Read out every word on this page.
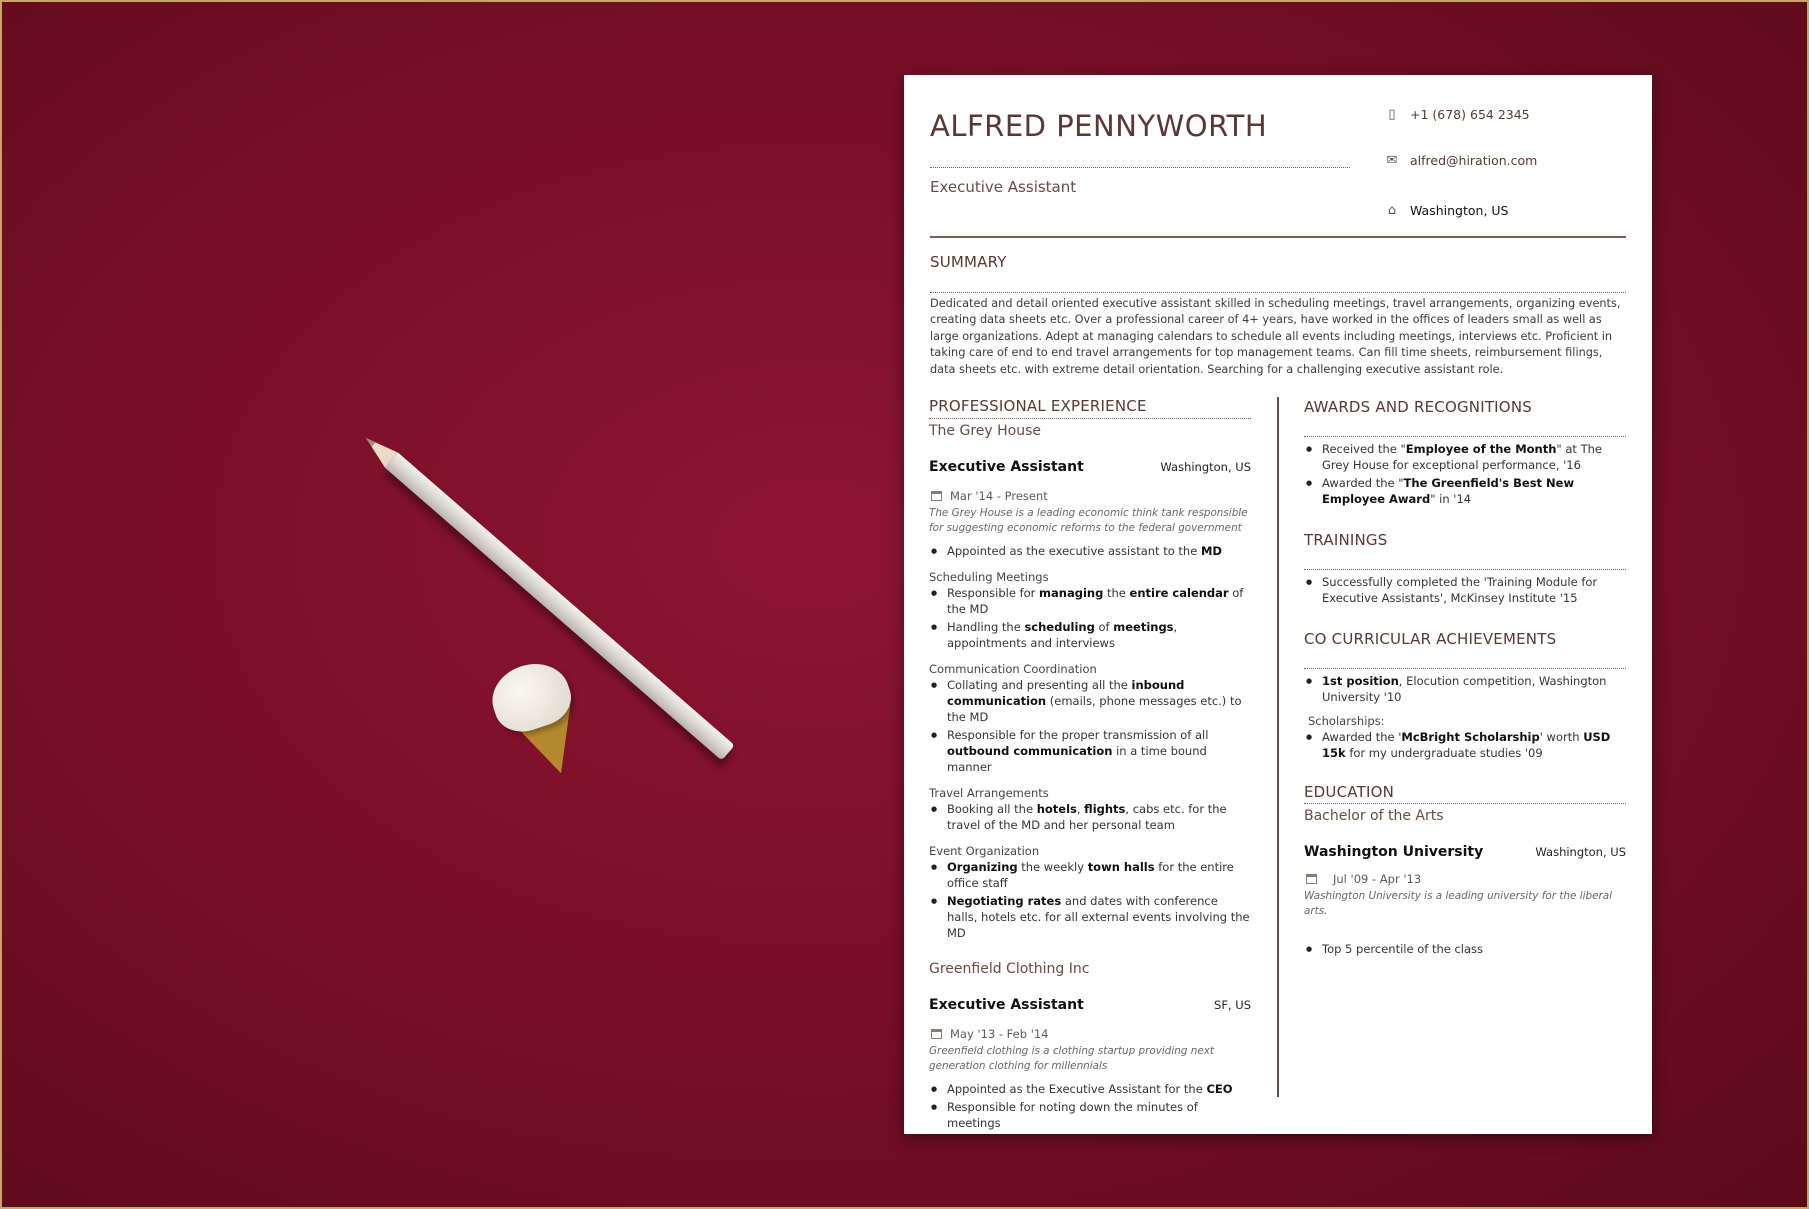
ALFRED PENNYWORTH
Executive Assistant
▯	+1 (678) 654 2345
✉ alfred@hiration.com
⌂	Washington, US
SUMMARY
Dedicated and detail oriented executive assistant skilled in scheduling meetings, travel arrangements, organizing events, creating data sheets etc. Over a professional career of 4+ years, have worked in the offices of leaders small as well as large organizations. Adept at managing calendars to schedule all events including meetings, interviews etc. Proficient in taking care of end to end travel arrangements for top management teams. Can fill time sheets, reimbursement filings, data sheets etc. with extreme detail orientation. Searching for a challenging executive assistant role.
PROFESSIONAL EXPERIENCE
The Grey House
Executive Assistant	Washington, US
Mar '14 - Present
The Grey House is a leading economic think tank responsible for suggesting economic reforms to the federal government
● Appointed as the executive assistant to the MD
Scheduling Meetings
● Responsible for managing the entire calendar of the MD
● Handling the scheduling of meetings, appointments and interviews
Communication Coordination
● Collating and presenting all the inbound communication (emails, phone messages etc.) to the MD
● Responsible for the proper transmission of all outbound communication in a time bound manner
Travel Arrangements
● Booking all the hotels, flights, cabs etc. for the travel of the MD and her personal team
Event Organization
● Organizing the weekly town halls for the entire office staff
● Negotiating rates and dates with conference halls, hotels etc. for all external events involving the MD
Greenfield Clothing Inc
Executive Assistant	SF, US
May '13 - Feb '14
Greenfield clothing is a clothing startup providing next generation clothing for millennials
● Appointed as the Executive Assistant for the CEO
● Responsible for noting down the minutes of meetings
AWARDS AND RECOGNITIONS
● Received the "Employee of the Month" at The Grey House for exceptional performance, '16
● Awarded the "The Greenfield's Best New Employee Award" in '14
TRAININGS
● Successfully completed the 'Training Module for Executive Assistants', McKinsey Institute '15
CO CURRICULAR ACHIEVEMENTS
● 1st position, Elocution competition, Washington University '10
Scholarships:
● Awarded the 'McBright Scholarship' worth USD 15k for my undergraduate studies '09
EDUCATION
Bachelor of the Arts
Washington University	Washington, US
Jul '09 - Apr '13
Washington University is a leading university for the liberal arts.
● Top 5 percentile of the class
